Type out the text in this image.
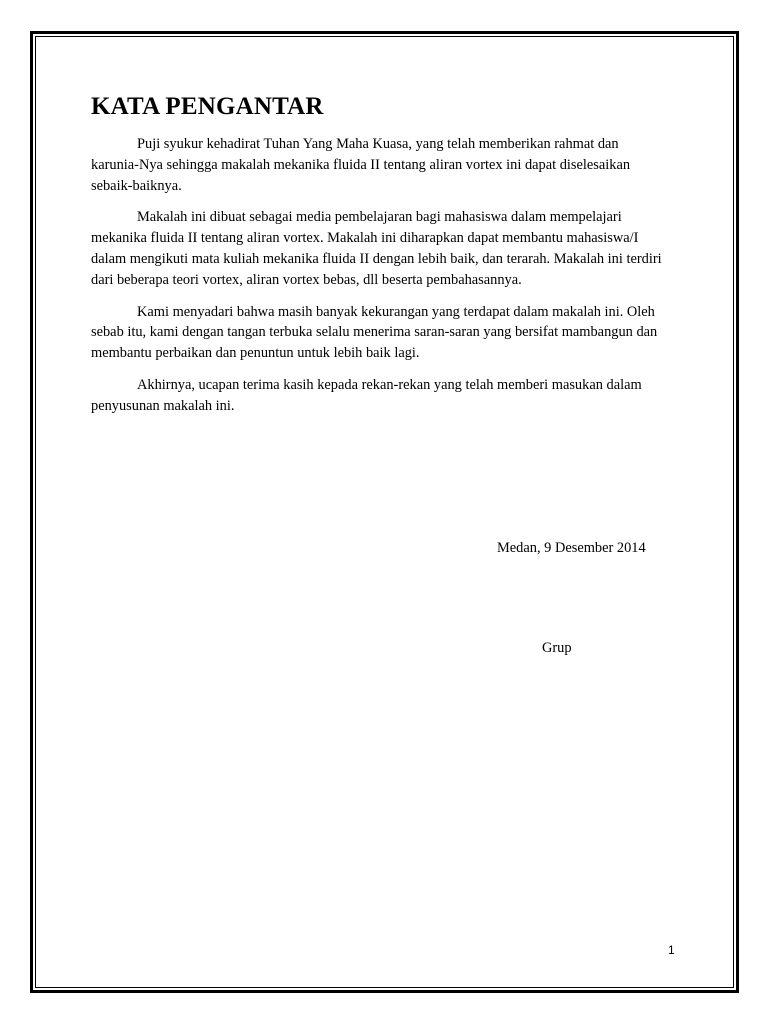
KATA PENGANTAR

Puji syukur kehadirat Tuhan Yang Maha Kuasa, yang telah memberikan rahmat dan karunia-Nya sehingga makalah mekanika fluida II tentang aliran vortex ini dapat diselesaikan sebaik-baiknya.

Makalah ini dibuat sebagai media pembelajaran bagi mahasiswa dalam mempelajari mekanika fluida II tentang aliran vortex. Makalah ini diharapkan dapat membantu mahasiswa/I dalam mengikuti mata kuliah mekanika fluida II dengan lebih baik, dan terarah. Makalah ini terdiri dari beberapa teori vortex, aliran vortex bebas, dll beserta pembahasannya.

Kami menyadari bahwa masih banyak kekurangan yang terdapat dalam makalah ini. Oleh sebab itu, kami dengan tangan terbuka selalu menerima saran-saran yang bersifat mambangun dan membantu perbaikan dan penuntun untuk lebih baik lagi.

Akhirnya, ucapan terima kasih kepada rekan-rekan yang telah memberi masukan dalam penyusunan makalah ini.

Medan, 9 Desember 2014
Grup
1
